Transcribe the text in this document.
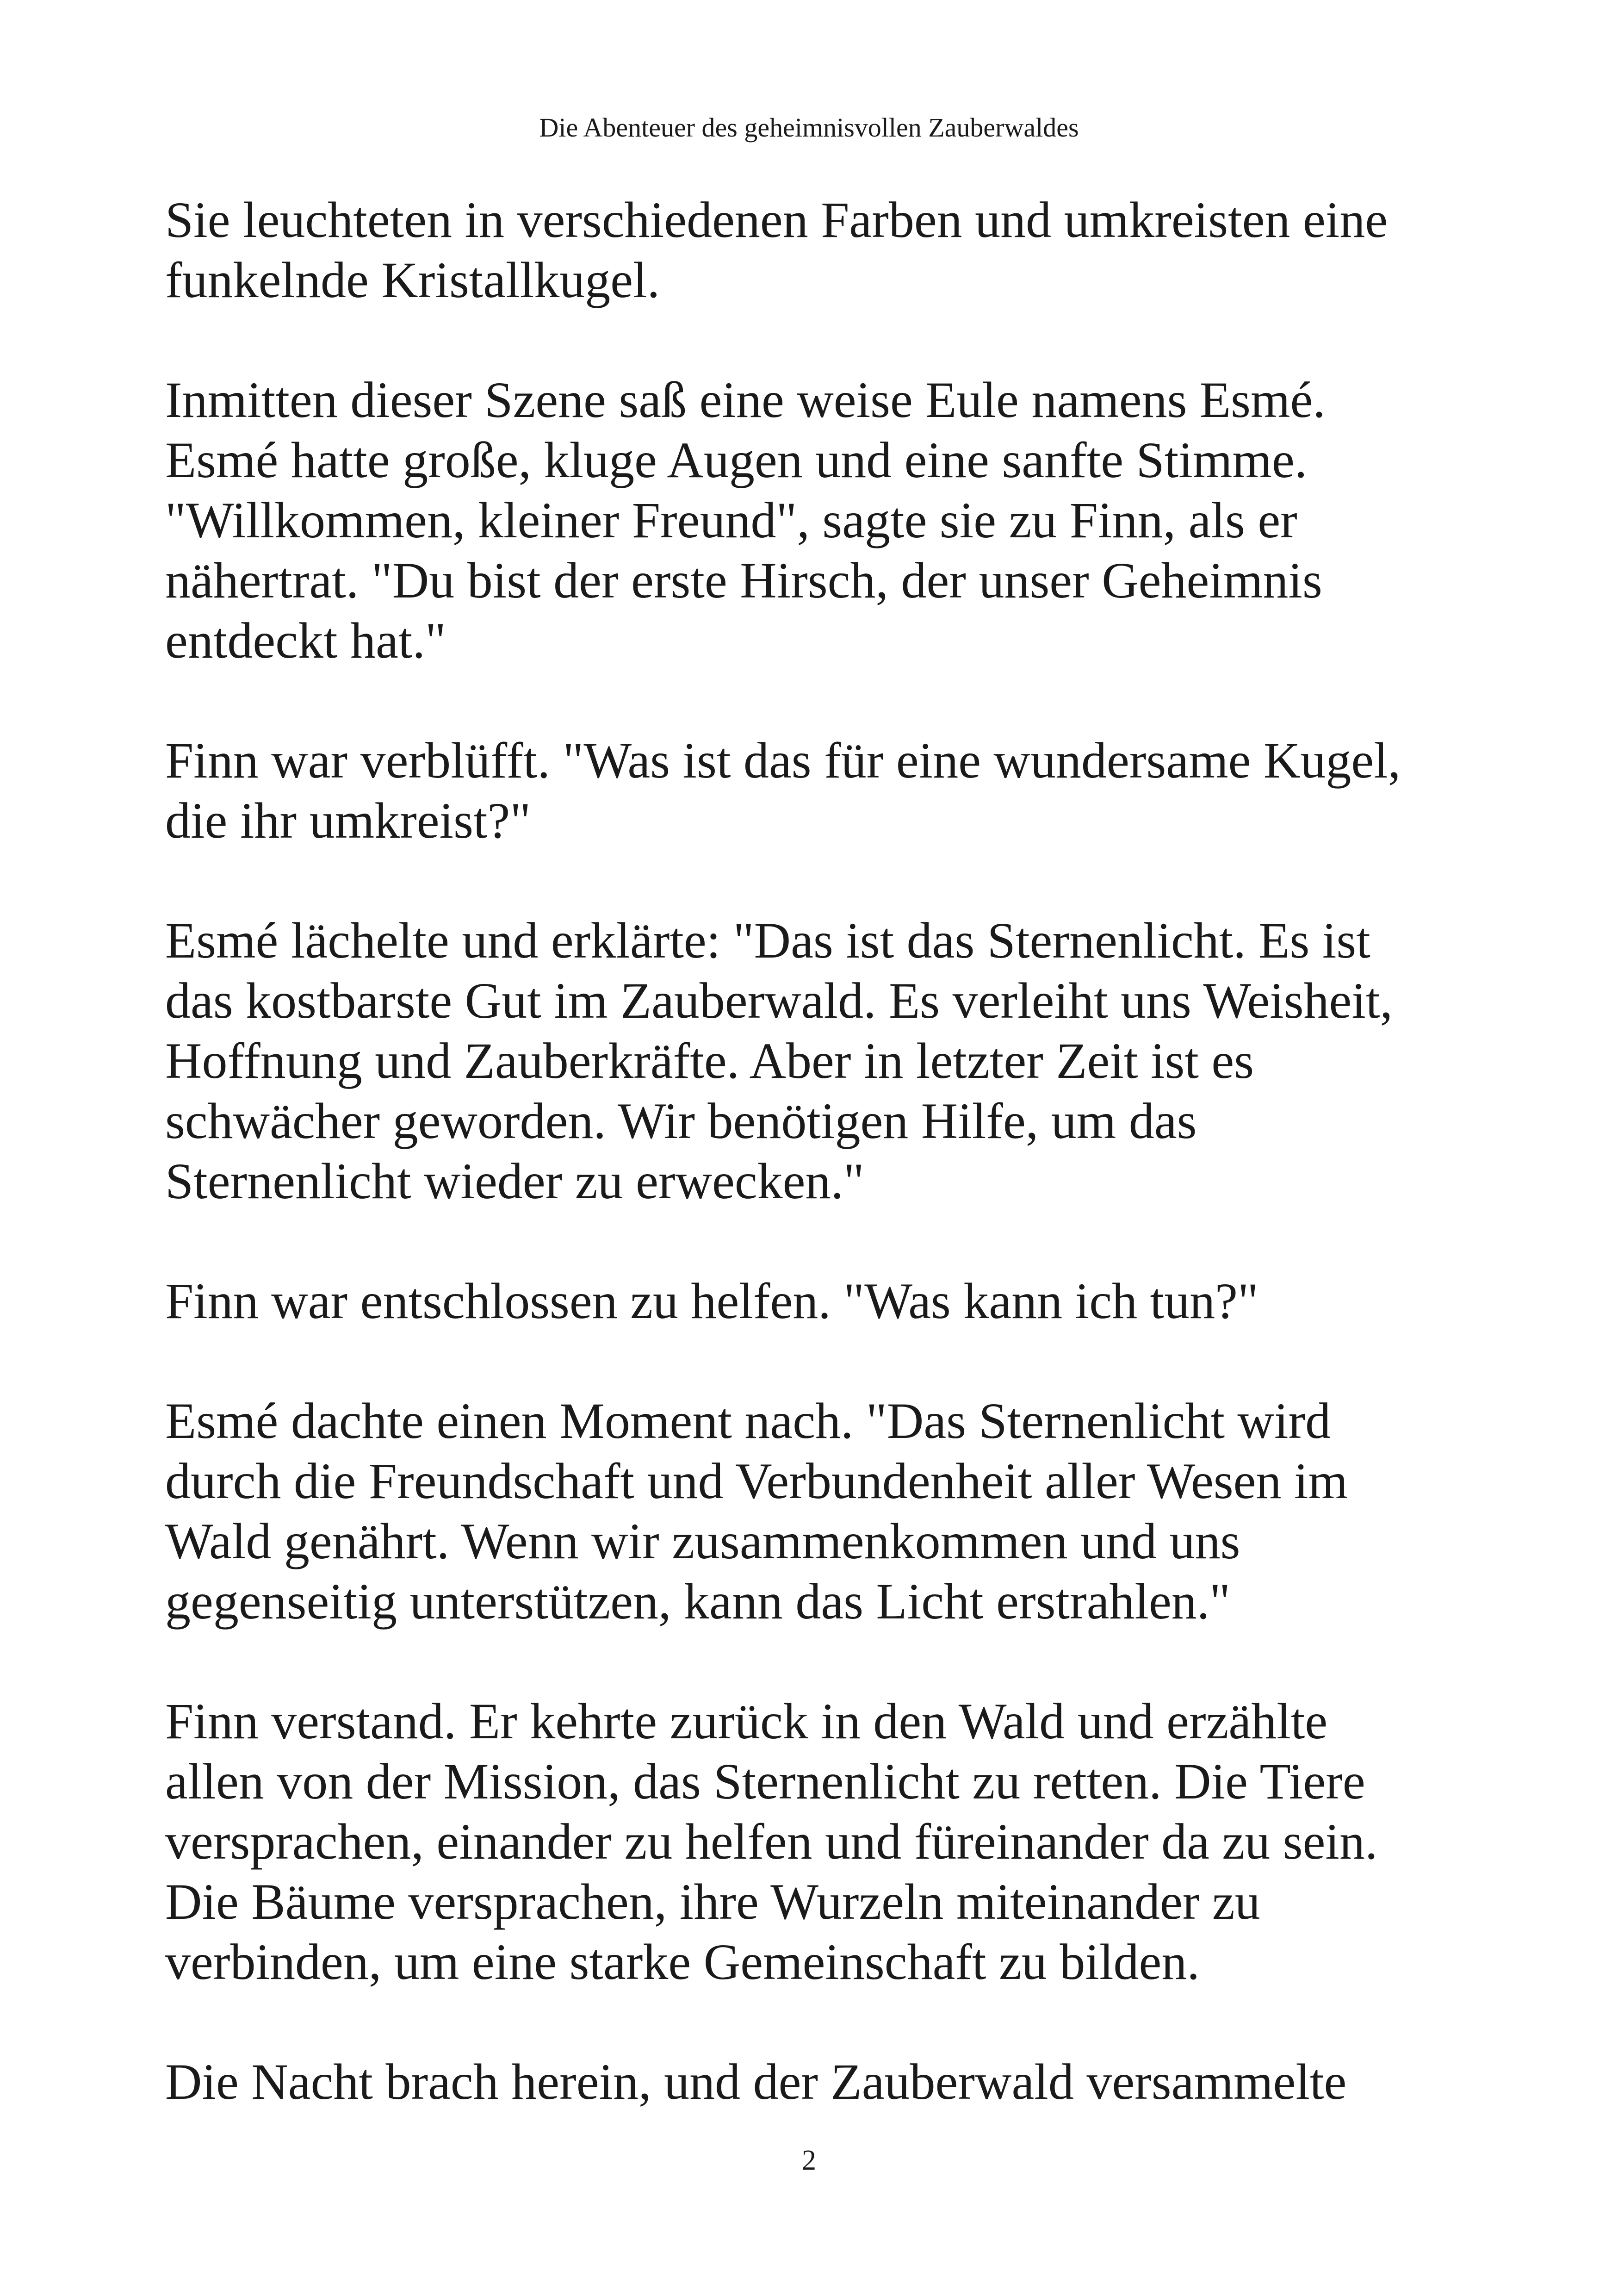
Die Abenteuer des geheimnisvollen Zauberwaldes

Sie leuchteten in verschiedenen Farben und umkreisten eine
funkelnde Kristallkugel.

Inmitten dieser Szene saß eine weise Eule namens Esmé.
Esmé hatte große, kluge Augen und eine sanfte Stimme.
"Willkommen, kleiner Freund", sagte sie zu Finn, als er
nähertrat. "Du bist der erste Hirsch, der unser Geheimnis
entdeckt hat."

Finn war verblüfft. "Was ist das für eine wundersame Kugel,
die ihr umkreist?"

Esmé lächelte und erklärte: "Das ist das Sternenlicht. Es ist
das kostbarste Gut im Zauberwald. Es verleiht uns Weisheit,
Hoffnung und Zauberkräfte. Aber in letzter Zeit ist es
schwächer geworden. Wir benötigen Hilfe, um das
Sternenlicht wieder zu erwecken."

Finn war entschlossen zu helfen. "Was kann ich tun?"

Esmé dachte einen Moment nach. "Das Sternenlicht wird
durch die Freundschaft und Verbundenheit aller Wesen im
Wald genährt. Wenn wir zusammenkommen und uns
gegenseitig unterstützen, kann das Licht erstrahlen."

Finn verstand. Er kehrte zurück in den Wald und erzählte
allen von der Mission, das Sternenlicht zu retten. Die Tiere
versprachen, einander zu helfen und füreinander da zu sein.
Die Bäume versprachen, ihre Wurzeln miteinander zu
verbinden, um eine starke Gemeinschaft zu bilden.

Die Nacht brach herein, und der Zauberwald versammelte

2
